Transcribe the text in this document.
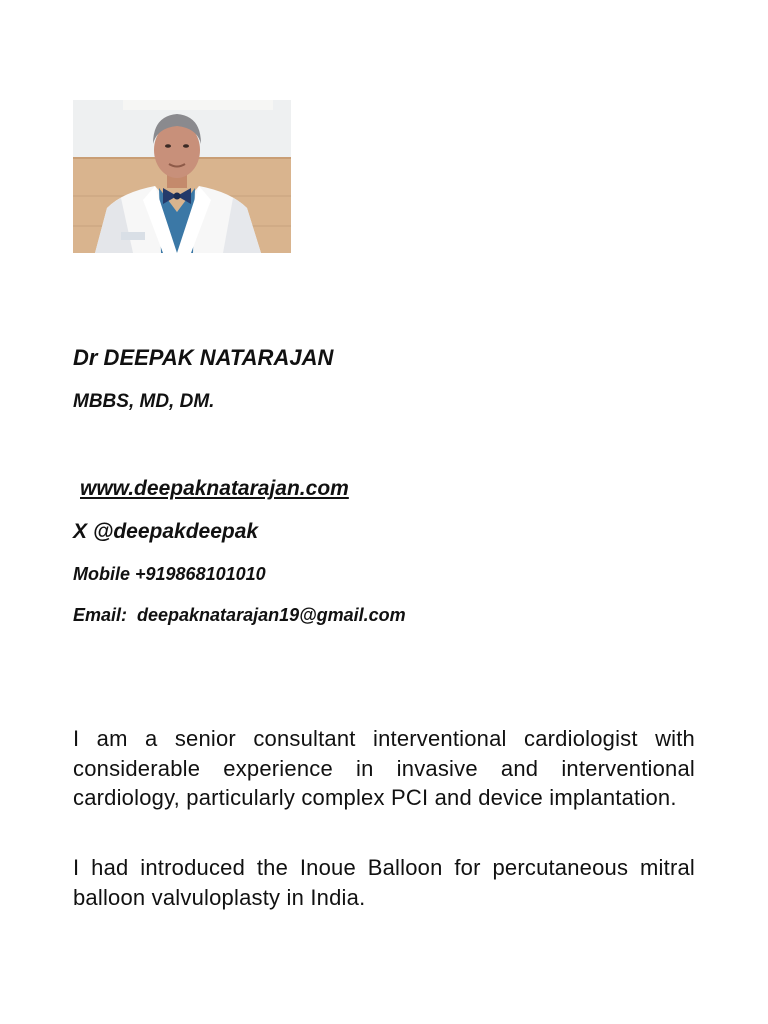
Dr DEEPAK NATARAJAN
MBBS, MD, DM.
www.deepaknatarajan.com
X @deepakdeepak
Mobile +919868101010
Email:  deepaknatarajan19@gmail.com

I am a senior consultant interventional cardiologist with considerable experience in invasive and interventional cardiology, particularly complex PCI and device implantation.

I had introduced the Inoue Balloon for percutaneous mitral balloon valvuloplasty in India.
